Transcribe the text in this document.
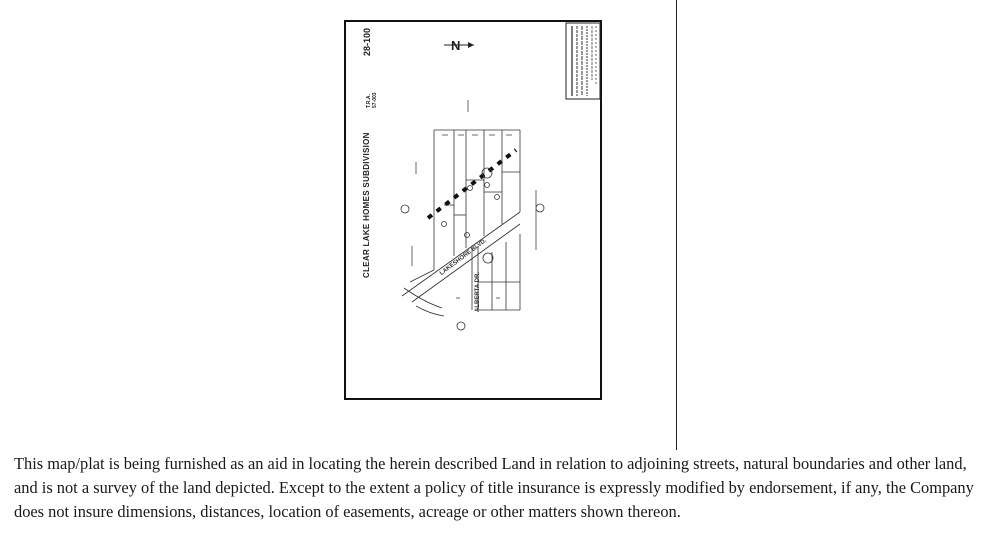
28-100
T.R.A.
57-003
CLEAR LAKE HOMES SUBDIVISION
N
LAKESHORE BLVD.
ALBERTA DR.

This map/plat is being furnished as an aid in locating the herein described Land in relation to adjoining streets, natural boundaries and other land, and is not a survey of the land depicted. Except to the extent a policy of title insurance is expressly modified by endorsement, if any, the Company does not insure dimensions, distances, location of easements, acreage or other matters shown thereon.
